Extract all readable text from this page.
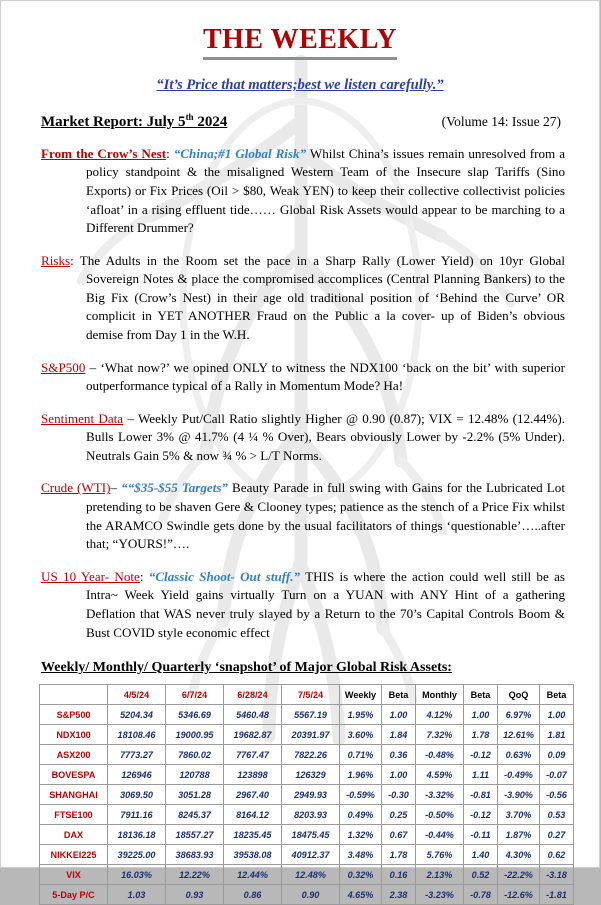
THE WEEKLY
“It’s Price that matters;best we listen carefully.”
Market Report: July 5th 2024	(Volume 14: Issue 27)

From the Crow’s Nest: “China;#1 Global Risk” Whilst China’s issues remain unresolved from a policy standpoint & the misaligned Western Team of the Insecure slap Tariffs (Sino Exports) or Fix Prices (Oil > $80, Weak YEN) to keep their collective collectivist policies ‘afloat’ in a rising effluent tide…… Global Risk Assets would appear to be marching to a Different Drummer?

Risks: The Adults in the Room set the pace in a Sharp Rally (Lower Yield) on 10yr Global Sovereign Notes & place the compromised accomplices (Central Planning Bankers) to the Big Fix (Crow’s Nest) in their age old traditional position of ‘Behind the Curve’ OR complicit in YET ANOTHER Fraud on the Public a la cover- up of Biden’s obvious demise from Day 1 in the W.H.

S&P500 – ‘What now?’ we opined ONLY to witness the NDX100 ‘back on the bit’ with superior outperformance typical of a Rally in Momentum Mode? Ha!

Sentiment Data – Weekly Put/Call Ratio slightly Higher @ 0.90 (0.87); VIX = 12.48% (12.44%). Bulls Lower 3% @ 41.7% (4 ¼ % Over), Bears obviously Lower by -2.2% (5% Under). Neutrals Gain 5% & now ¾ % > L/T Norms.

Crude (WTI)– ““$35-$55 Targets” Beauty Parade in full swing with Gains for the Lubricated Lot pretending to be shaven Gere & Clooney types; patience as the stench of a Price Fix whilst the ARAMCO Swindle gets done by the usual facilitators of things ‘questionable’…..after that; “YOURS!”….

US 10 Year- Note: “Classic Shoot- Out stuff.” THIS is where the action could well still be as Intra~ Week Yield gains virtually Turn on a YUAN with ANY Hint of a gathering Deflation that WAS never truly slayed by a Return to the 70’s Capital Controls Boom & Bust COVID style economic effect

Weekly/ Monthly/ Quarterly ‘snapshot’ of Major Global Risk Assets:
	4/5/24	6/7/24	6/28/24	7/5/24	Weekly	Beta	Monthly	Beta	QoQ	Beta
S&P500	5204.34	5346.69	5460.48	5567.19	1.95%	1.00	4.12%	1.00	6.97%	1.00
NDX100	18108.46	19000.95	19682.87	20391.97	3.60%	1.84	7.32%	1.78	12.61%	1.81
ASX200	7773.27	7860.02	7767.47	7822.26	0.71%	0.36	-0.48%	-0.12	0.63%	0.09
BOVESPA	126946	120788	123898	126329	1.96%	1.00	4.59%	1.11	-0.49%	-0.07
SHANGHAI	3069.50	3051.28	2967.40	2949.93	-0.59%	-0.30	-3.32%	-0.81	-3.90%	-0.56
FTSE100	7911.16	8245.37	8164.12	8203.93	0.49%	0.25	-0.50%	-0.12	3.70%	0.53
DAX	18136.18	18557.27	18235.45	18475.45	1.32%	0.67	-0.44%	-0.11	1.87%	0.27
NIKKEI225	39225.00	38683.93	39538.08	40912.37	3.48%	1.78	5.76%	1.40	4.30%	0.62
VIX	16.03%	12.22%	12.44%	12.48%	0.32%	0.16	2.13%	0.52	-22.2%	-3.18
5-Day P/C	1.03	0.93	0.86	0.90	4.65%	2.38	-3.23%	-0.78	-12.6%	-1.81
